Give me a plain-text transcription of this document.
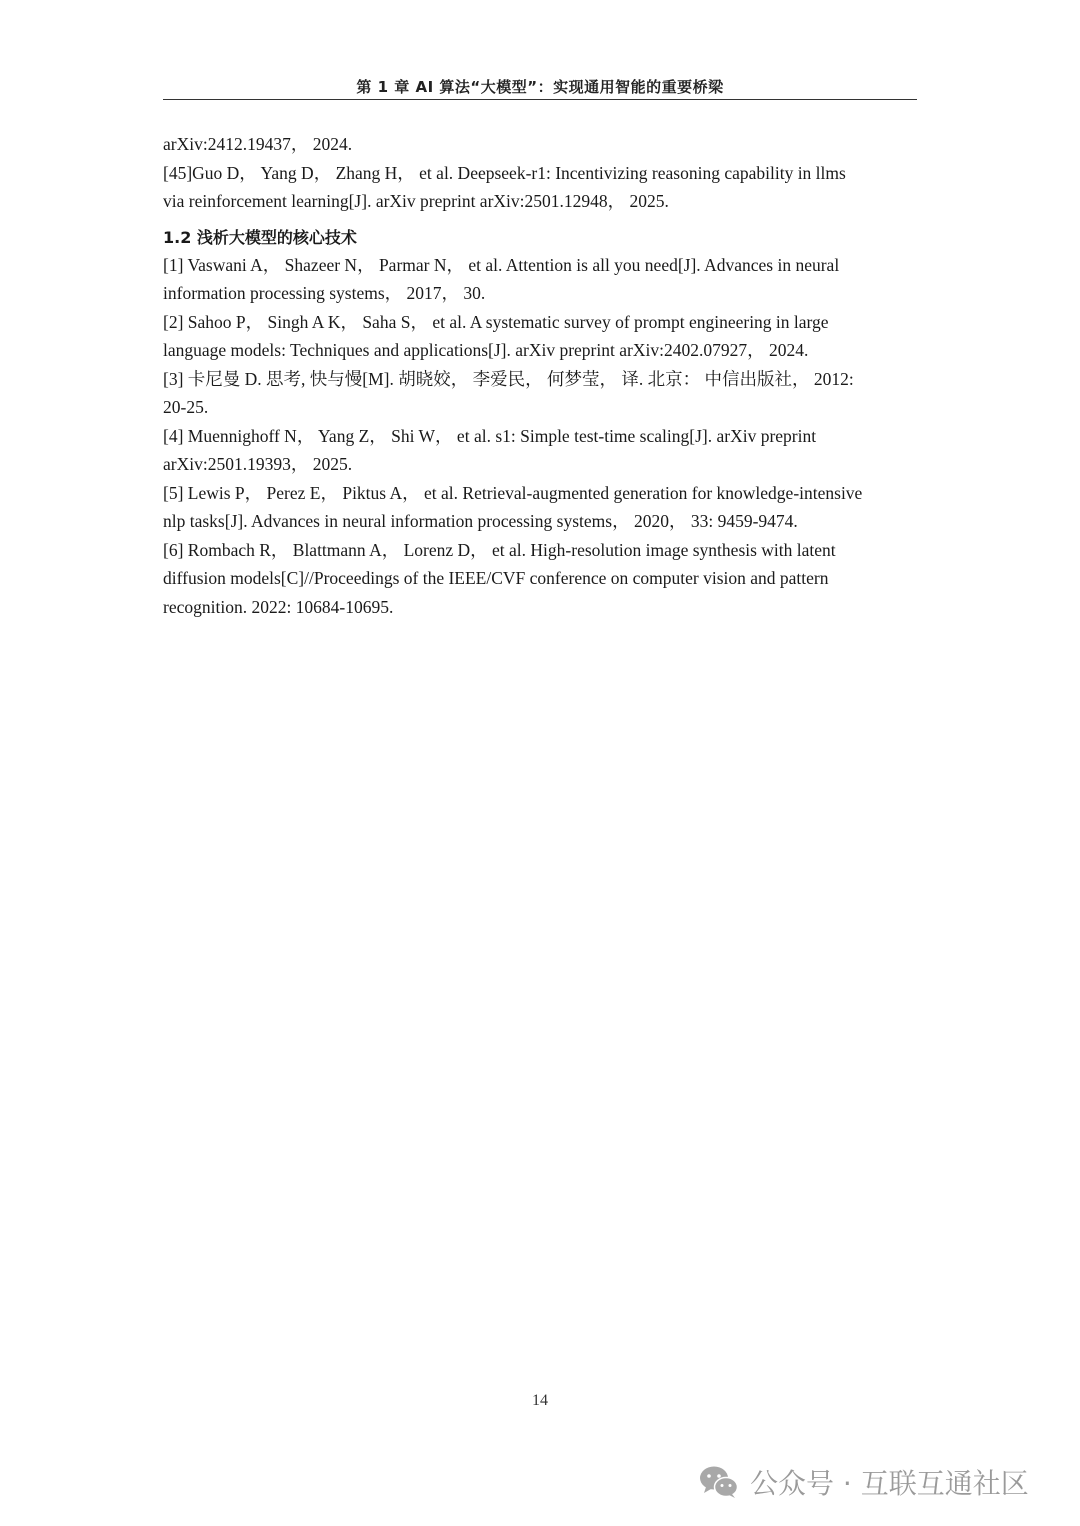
第 1 章 AI 算法“大模型”：实现通用智能的重要桥梁
arXiv:2412.19437， 2024.
[45]Guo D， Yang D， Zhang H， et al. Deepseek-r1: Incentivizing reasoning capability in llms
via reinforcement learning[J]. arXiv preprint arXiv:2501.12948， 2025.
1.2 浅析大模型的核心技术
[1] Vaswani A， Shazeer N， Parmar N， et al. Attention is all you need[J]. Advances in neural
information processing systems， 2017， 30.
[2] Sahoo P， Singh A K， Saha S， et al. A systematic survey of prompt engineering in large
language models: Techniques and applications[J]. arXiv preprint arXiv:2402.07927， 2024.
[3] 卡尼曼 D. 思考, 快与慢[M]. 胡晓姣， 李爱民， 何梦莹， 译. 北京： 中信出版社， 2012:
20-25.
[4] Muennighoff N， Yang Z， Shi W， et al. s1: Simple test-time scaling[J]. arXiv preprint
arXiv:2501.19393， 2025.
[5] Lewis P， Perez E， Piktus A， et al. Retrieval-augmented generation for knowledge-intensive
nlp tasks[J]. Advances in neural information processing systems， 2020， 33: 9459-9474.
[6] Rombach R， Blattmann A， Lorenz D， et al. High-resolution image synthesis with latent
diffusion models[C]//Proceedings of the IEEE/CVF conference on computer vision and pattern
recognition. 2022: 10684-10695.
14
公众号 · 互联互通社区
